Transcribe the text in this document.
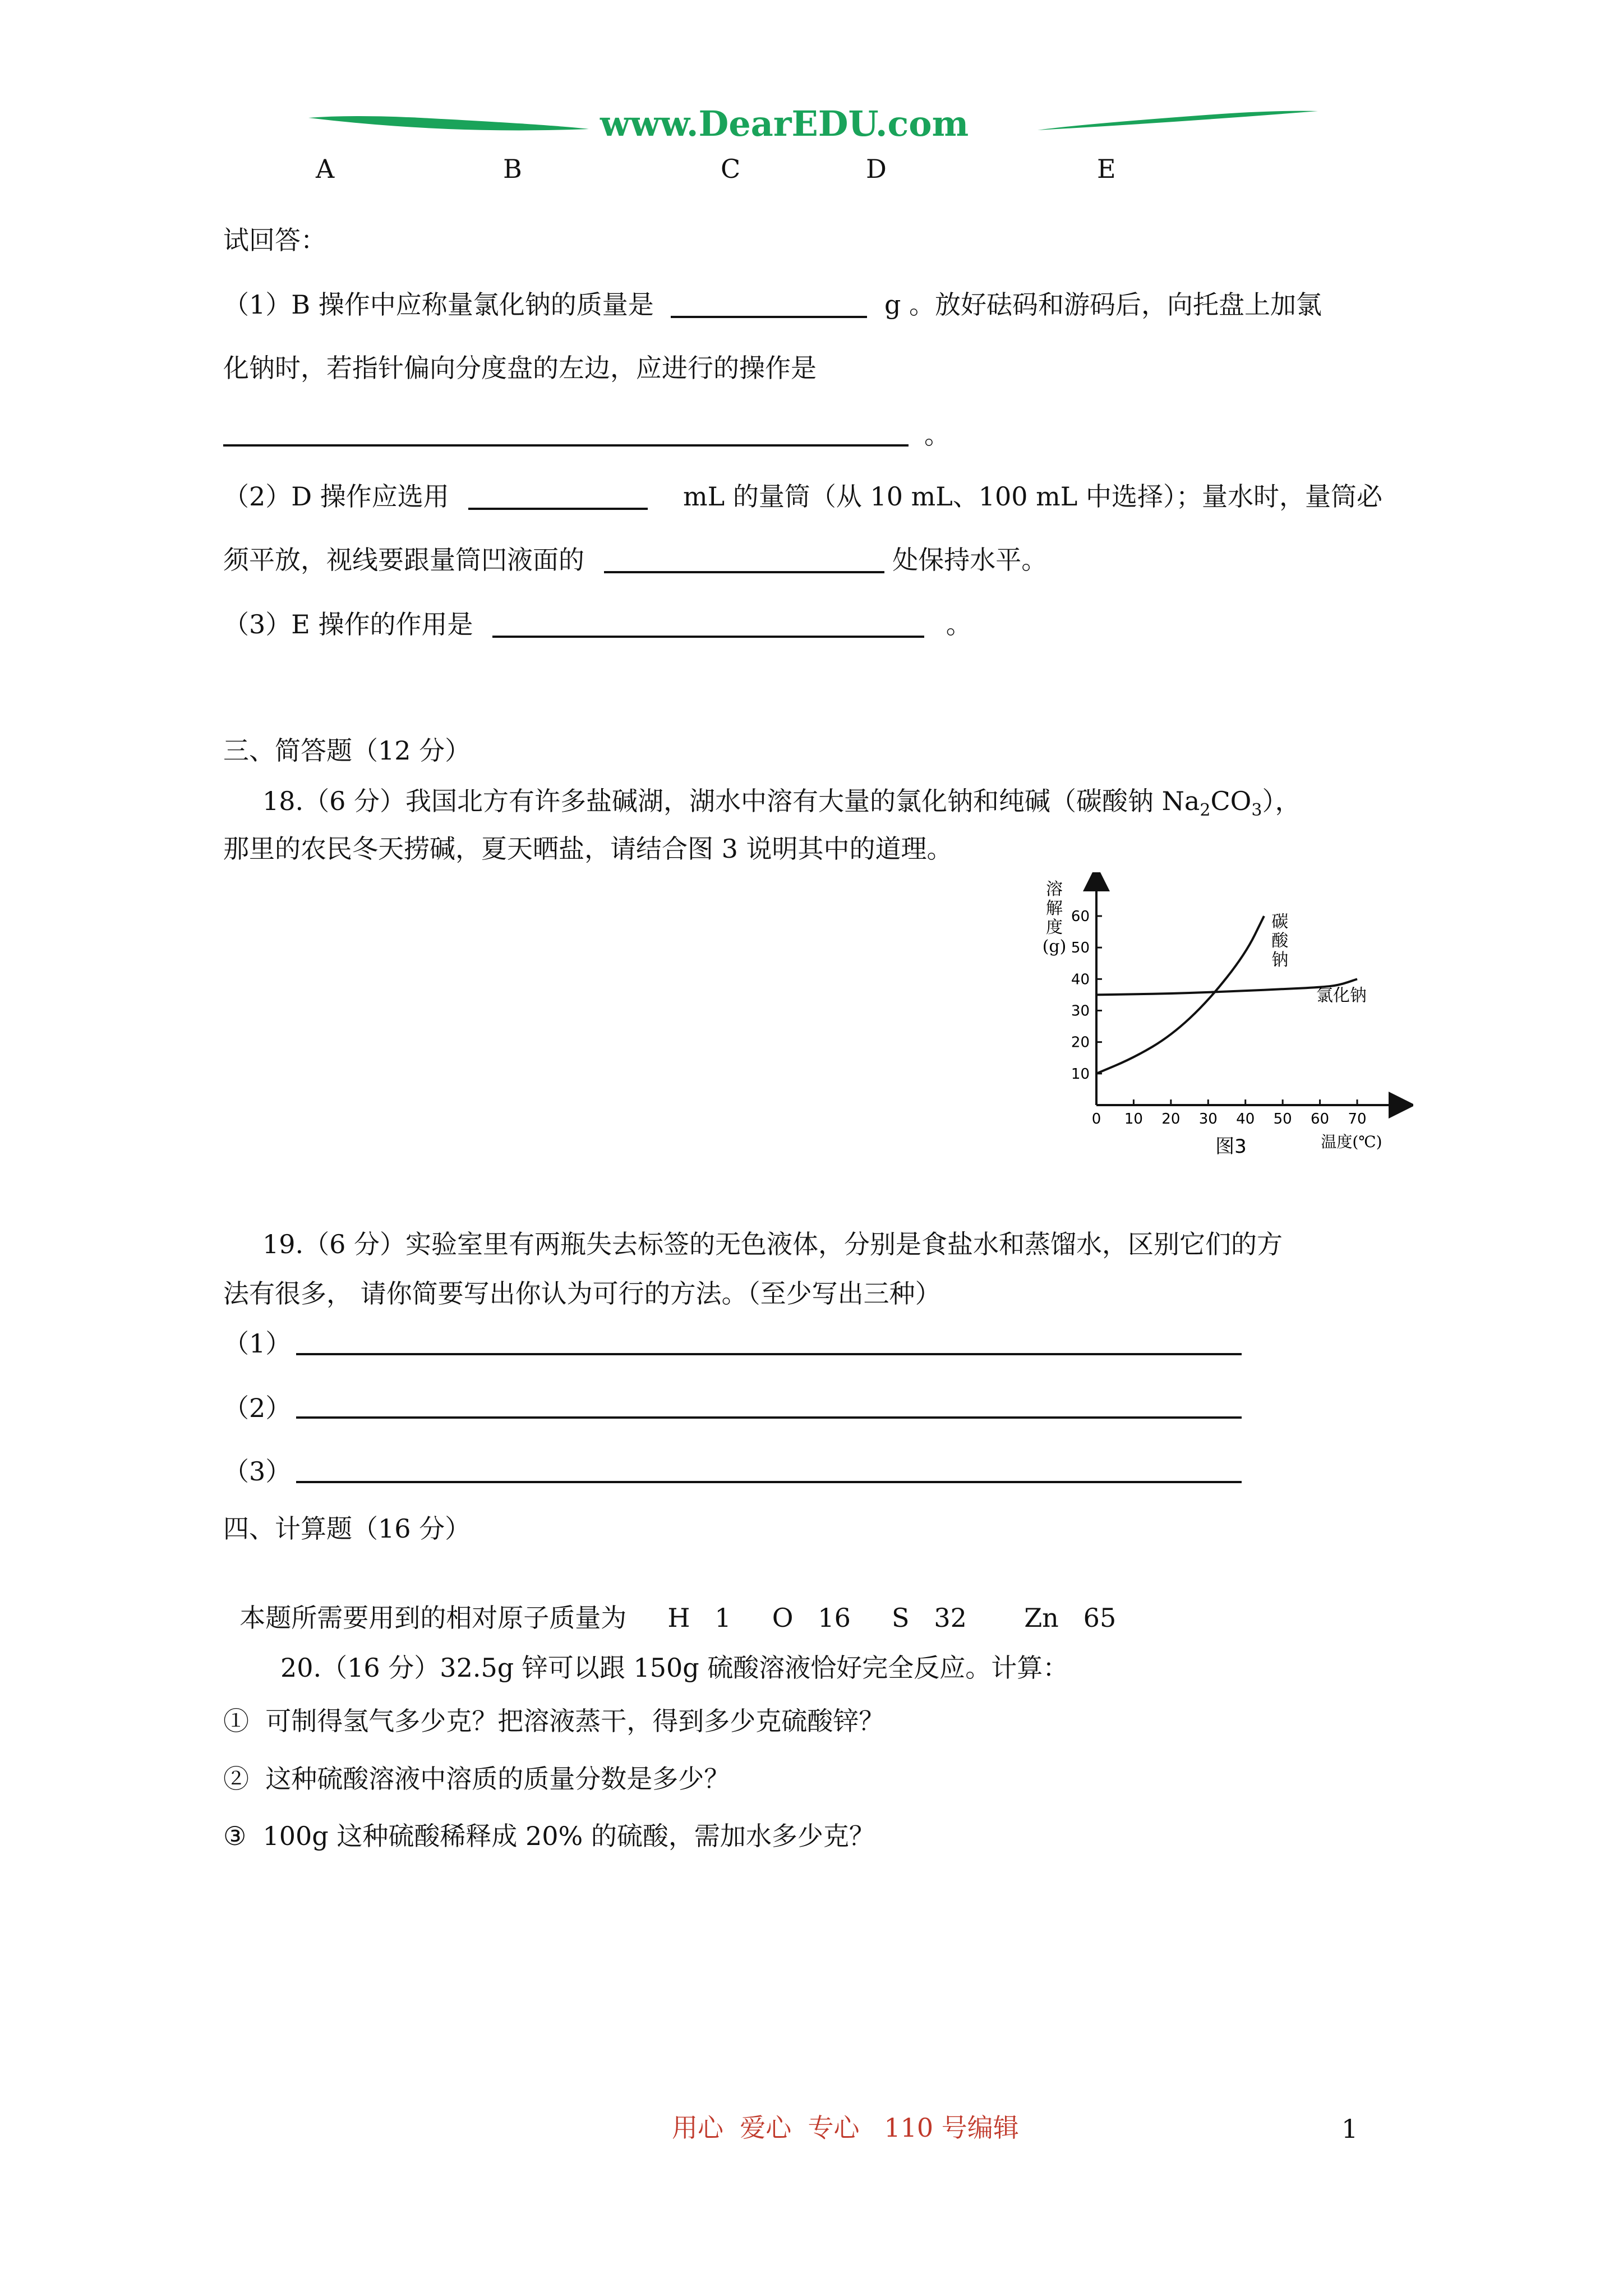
www.DearEDU.com
A	B	C	D	E
试回答：
（1）B 操作中应称量氯化钠的质量是	g 。放好砝码和游码后，向托盘上加氯
化钠时，若指针偏向分度盘的左边，应进行的操作是
。
（2）D 操作应选用	mL 的量筒（从 10 mL、100 mL 中选择）；量水时，量筒必
须平放，视线要跟量筒凹液面的	处保持水平。
（3）E 操作的作用是	。
三、简答题（12 分）
18.（6 分）我国北方有许多盐碱湖，湖水中溶有大量的氯化钠和纯碱（碳酸钠 $Na_2CO_3$），
那里的农民冬天捞碱，夏天晒盐，请结合图 3 说明其中的道理。
0 10 20 30 40 50 60 70
10
20
30
40
50
60	碳
酸
钠
氯化钠
溶
解
度
(g)
温度(℃)
图3
19.（6 分）实验室里有两瓶失去标签的无色液体，分别是食盐水和蒸馏水，区别它们的方
法有很多， 请你简要写出你认为可行的方法。（至少写出三种）
（1）
（2）
（3）
四、计算题（16 分）

本题所需要用到的相对原子质量为 H   1     O   16     S   32       Zn   65

20.（16 分）32.5g 锌可以跟 150g 硫酸溶液恰好完全反应。计算：
①  可制得氢气多少克？把溶液蒸干，得到多少克硫酸锌？
②  这种硫酸溶液中溶质的质量分数是多少？
③  100g 这种硫酸稀释成 20% 的硫酸，需加水多少克？
用心  爱心  专心   110 号编辑	1
